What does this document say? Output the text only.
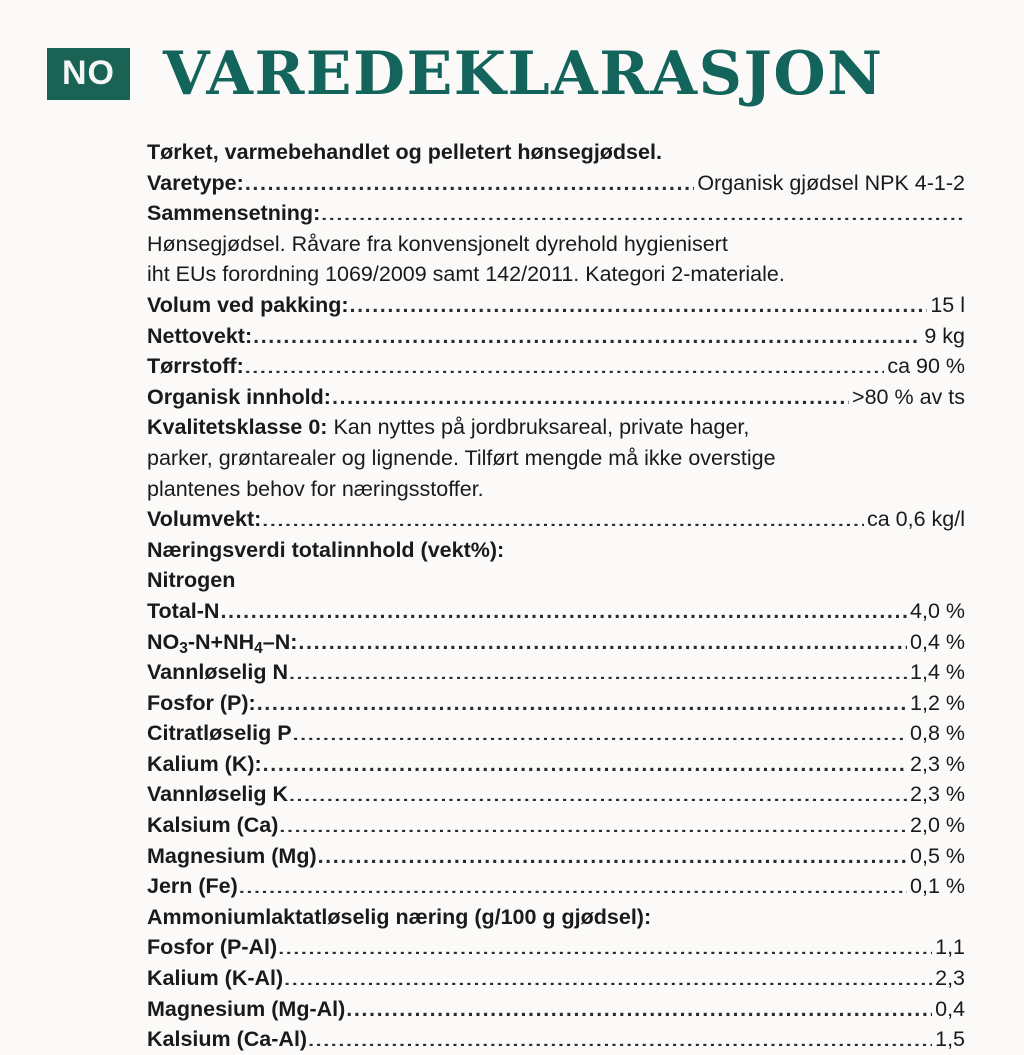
NO VAREDEKLARASJON
Tørket, varmebehandlet og pelletert hønsegjødsel.
Varetype: .....	Organisk gjødsel NPK 4-1-2
Sammensetning:
.....
Hønsegjødsel. Råvare fra konvensjonelt dyrehold hygienisert
iht EUs forordning 1069/2009 samt 142/2011. Kategori 2-materiale.
Volum ved pakking: .....	15 l
Nettovekt: .....	9 kg
Tørrstoff: .....	ca 90 %
Organisk innhold: .....	>80 % av ts
Kvalitetsklasse 0: Kan nyttes på jordbruksareal, private hager,
parker, grøntarealer og lignende. Tilført mengde må ikke overstige
plantenes behov for næringsstoffer.
Volumvekt: .....	ca 0,6 kg/l
Næringsverdi totalinnhold (vekt%):
Nitrogen
Total-N .....	4,0 %
$NO_3-N+NH_4-N$: .....	0,4 %
Vannløselig N .....	1,4 %
Fosfor (P): .....	1,2 %
Citratløselig P .....	0,8 %
Kalium (K): .....	2,3 %
Vannløselig K .....	2,3 %
Kalsium (Ca) .....	2,0 %
Magnesium (Mg) .....	0,5 %
Jern (Fe) .....	0,1 %
Ammoniumlaktatløselig næring (g/100 g gjødsel):
Fosfor (P-Al) .....	1,1
Kalium (K-Al) .....	2,3
Magnesium (Mg-Al) .....	0,4
Kalsium (Ca-Al) .....	1,5
